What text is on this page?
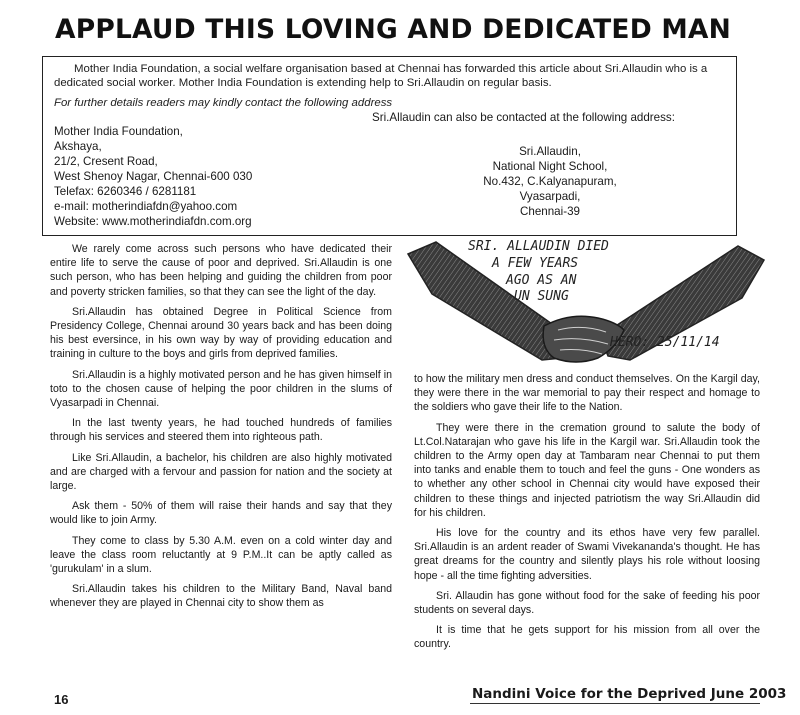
APPLAUD THIS LOVING AND DEDICATED MAN
Mother India Foundation, a social welfare organisation based at Chennai has forwarded this article about Sri.Allaudin who is a dedicated social worker. Mother India Foundation is extending help to Sri.Allaudin on regular basis.
For further details readers may kindly contact the following address
Mother India Foundation,
Akshaya,
21/2, Cresent Road,
West Shenoy Nagar, Chennai-600 030
Telefax: 6260346 / 6281181
e-mail: motherindiafdn@yahoo.com
Website: www.motherindiafdn.com.org
Sri.Allaudin can also be contacted at the following address:
Sri.Allaudin,
National Night School,
No.432, C.Kalyanapuram,
Vyasarpadi,
Chennai-39

We rarely come across such persons who have dedicated their entire life to serve the cause of poor and deprived. Sri.Allaudin is one such person, who has been helping and guiding the children from poor and poverty stricken families, so that they can see the light of the day.

Sri.Allaudin has obtained Degree in Political Science from Presidency College, Chennai around 30 years back and has been doing his best eversince, in his own way by way of providing education and training in culture to the boys and girls from deprived families.

Sri.Allaudin is a highly motivated person and he has given himself in toto to the chosen cause of helping the poor children in the slums of Vyasarpadi in Chennai.

In the last twenty years, he had touched hundreds of families through his services and steered them into righteous path.

Like Sri.Allaudin, a bachelor, his children are also highly motivated and are charged with a fervour and passion for nation and the society at large.

Ask them - 50% of them will raise their hands and say that they would like to join Army.

They come to class by 5.30 A.M. even on a cold winter day and leave the class room reluctantly at 9 P.M..It can be aptly called as 'gurukulam' in a slum.

Sri.Allaudin takes his children to the Military Band, Naval band whenever they are played in Chennai city to show them as

SRI. ALLAUDIN DIED
A FEW YEARS
AGO AS AN
UN SUNG
HERO: 25/11/14

to how the military men dress and conduct themselves. On the Kargil day, they were there in the war memorial to pay their respect and homage to the soldiers who gave their life to the Nation.

They were there in the cremation ground to salute the body of Lt.Col.Natarajan who gave his life in the Kargil war. Sri.Allaudin took the children to the Army open day at Tambaram near Chennai to put them into tanks and enable them to touch and feel the guns - One wonders as to whether any other school in Chennai city would have exposed their children to these things and injected patriotism the way Sri.Allaudin did for his children.

His love for the country and its ethos have very few parallel. Sri.Allaudin is an ardent reader of Swami Vivekananda's thought. He has great dreams for the country and silently plays his role without loosing hope - all the time fighting adversities.

Sri. Allaudin has gone without food for the sake of feeding his poor students on several days.

It is time that he gets support for his mission from all over the country.

16	Nandini Voice for the Deprived June 2003
